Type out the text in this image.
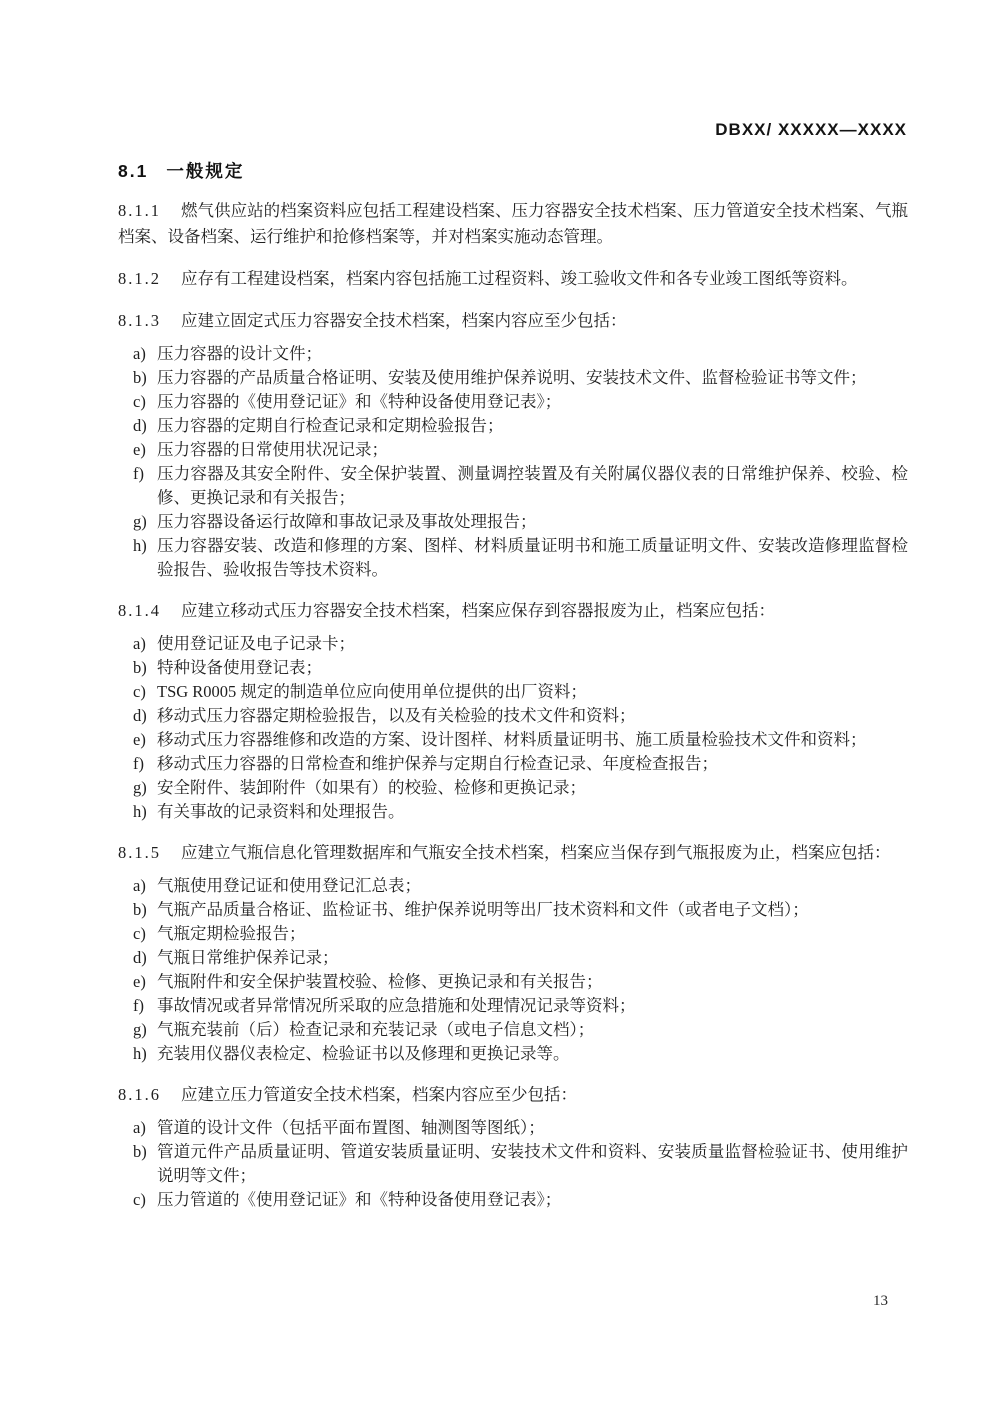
DBXX/ XXXXX—XXXX
8.1 一般规定

8.1.1 燃气供应站的档案资料应包括工程建设档案、压力容器安全技术档案、压力管道安全技术档案、气瓶档案、设备档案、运行维护和抢修档案等，并对档案实施动态管理。

8.1.2 应存有工程建设档案，档案内容包括施工过程资料、竣工验收文件和各专业竣工图纸等资料。

8.1.3 应建立固定式压力容器安全技术档案，档案内容应至少包括：

a) 压力容器的设计文件；
b) 压力容器的产品质量合格证明、安装及使用维护保养说明、安装技术文件、监督检验证书等文件；
c) 压力容器的《使用登记证》和《特种设备使用登记表》；
d) 压力容器的定期自行检查记录和定期检验报告；
e) 压力容器的日常使用状况记录；
f) 压力容器及其安全附件、安全保护装置、测量调控装置及有关附属仪器仪表的日常维护保养、校验、检修、更换记录和有关报告；
g) 压力容器设备运行故障和事故记录及事故处理报告；
h) 压力容器安装、改造和修理的方案、图样、材料质量证明书和施工质量证明文件、安装改造修理监督检验报告、验收报告等技术资料。

8.1.4 应建立移动式压力容器安全技术档案，档案应保存到容器报废为止，档案应包括：

a) 使用登记证及电子记录卡；
b) 特种设备使用登记表；
c) TSG R0005 规定的制造单位应向使用单位提供的出厂资料；
d) 移动式压力容器定期检验报告，以及有关检验的技术文件和资料；
e) 移动式压力容器维修和改造的方案、设计图样、材料质量证明书、施工质量检验技术文件和资料；
f) 移动式压力容器的日常检查和维护保养与定期自行检查记录、年度检查报告；
g) 安全附件、装卸附件（如果有）的校验、检修和更换记录；
h) 有关事故的记录资料和处理报告。

8.1.5 应建立气瓶信息化管理数据库和气瓶安全技术档案，档案应当保存到气瓶报废为止，档案应包括：

a) 气瓶使用登记证和使用登记汇总表；
b) 气瓶产品质量合格证、监检证书、维护保养说明等出厂技术资料和文件（或者电子文档）；
c) 气瓶定期检验报告；
d) 气瓶日常维护保养记录；
e) 气瓶附件和安全保护装置校验、检修、更换记录和有关报告；
f) 事故情况或者异常情况所采取的应急措施和处理情况记录等资料；
g) 气瓶充装前（后）检查记录和充装记录（或电子信息文档）；
h) 充装用仪器仪表检定、检验证书以及修理和更换记录等。

8.1.6 应建立压力管道安全技术档案，档案内容应至少包括：

a) 管道的设计文件（包括平面布置图、轴测图等图纸）；
b) 管道元件产品质量证明、管道安装质量证明、安装技术文件和资料、安装质量监督检验证书、使用维护说明等文件；
c) 压力管道的《使用登记证》和《特种设备使用登记表》；
13
